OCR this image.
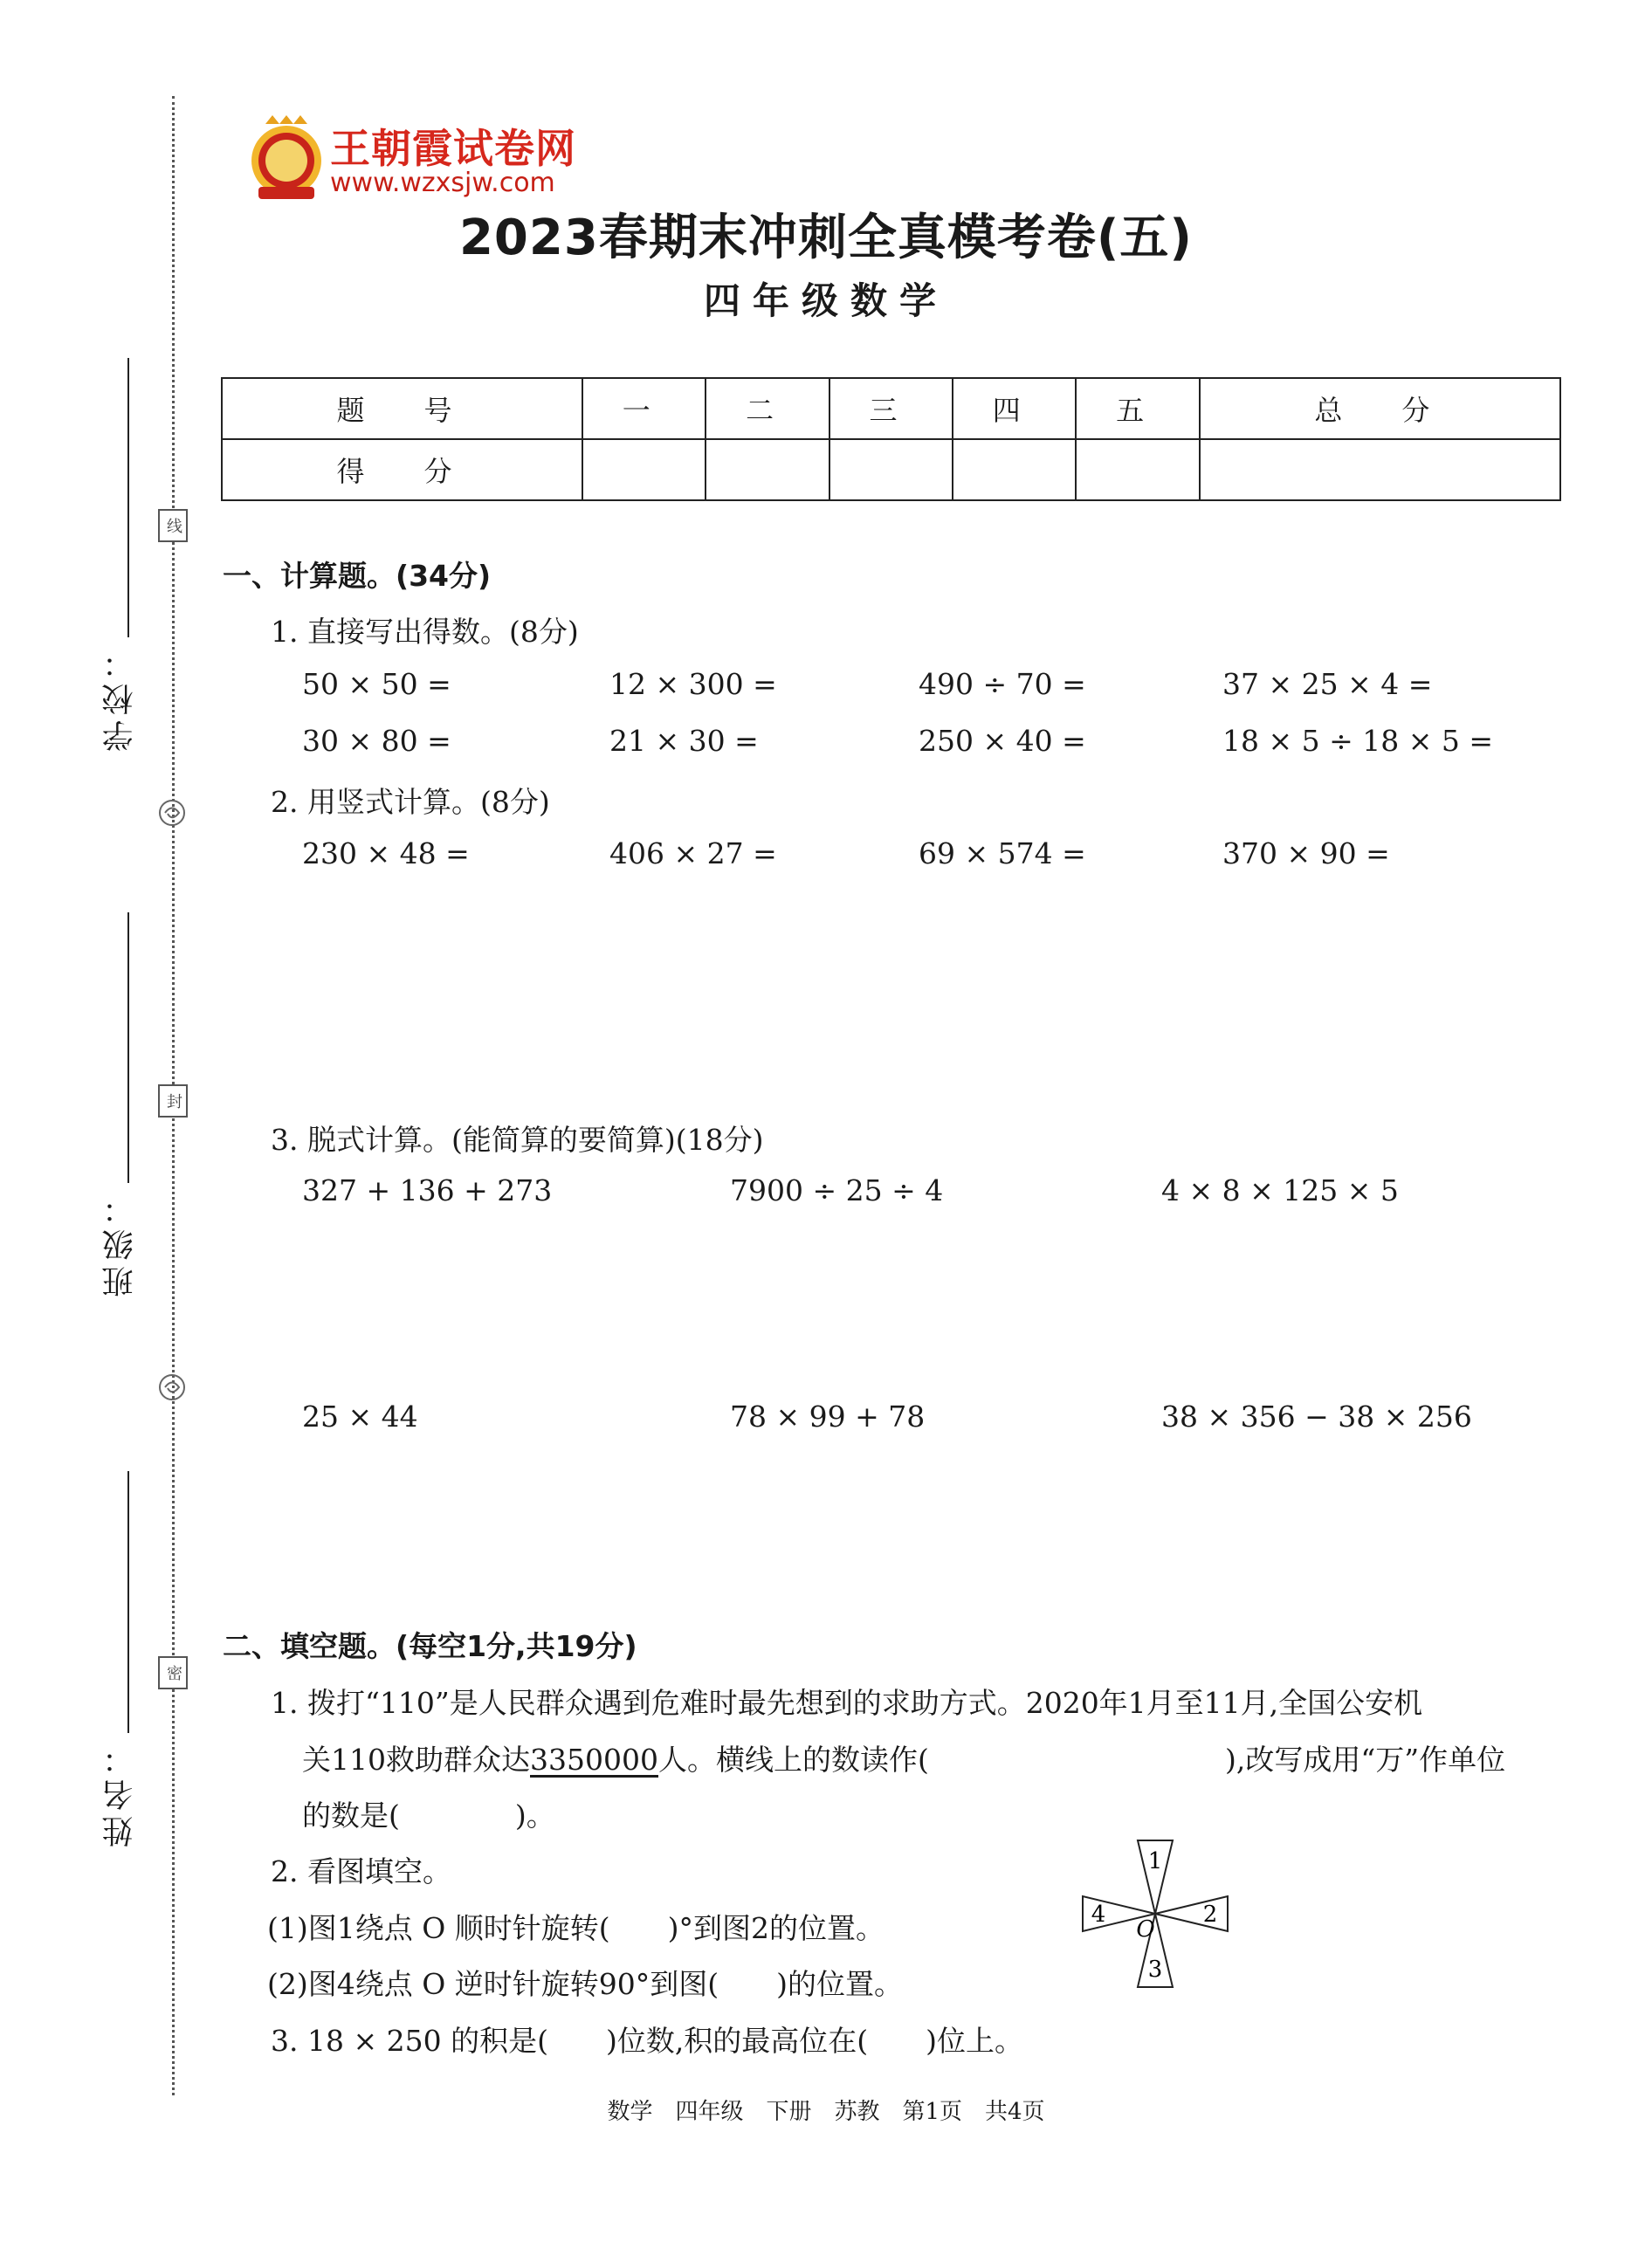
学校：
班级：
姓名：
线
封
密
王朝霞试卷网
www.wzxsjw.com
2023春期末冲刺全真模考卷(五)
四年级数学
题　号	一	二	三	四	五	总　分
得　分						
一、计算题。(34分)
1. 直接写出得数。(8分)
50 × 50 =	12 × 300 =	490 ÷ 70 =	37 × 25 × 4 =
30 × 80 =	21 × 30 =	250 × 40 =	18 × 5 ÷ 18 × 5 =
2. 用竖式计算。(8分)
230 × 48 =	406 × 27 =	69 × 574 =	370 × 90 =
3. 脱式计算。(能简算的要简算)(18分)
327 + 136 + 273	7900 ÷ 25 ÷ 4	4 × 8 × 125 × 5
25 × 44	78 × 99 + 78	38 × 356 − 38 × 256
二、填空题。(每空1分,共19分)
1. 拨打“110”是人民群众遇到危难时最先想到的求助方式。2020年1月至11月,全国公安机
关110救助群众达3350000人。横线上的数读作(	),改写成用“万”作单位
的数是(　　　　)。
2. 看图填空。
(1)图1绕点 O 顺时针旋转(　　)°到图2的位置。
(2)图4绕点 O 逆时针旋转90°到图(　　)的位置。
1
2
3
4
O
3. 18 × 250 的积是(　　)位数,积的最高位在(　　)位上。
数学　四年级　下册　苏教　第1页　共4页
